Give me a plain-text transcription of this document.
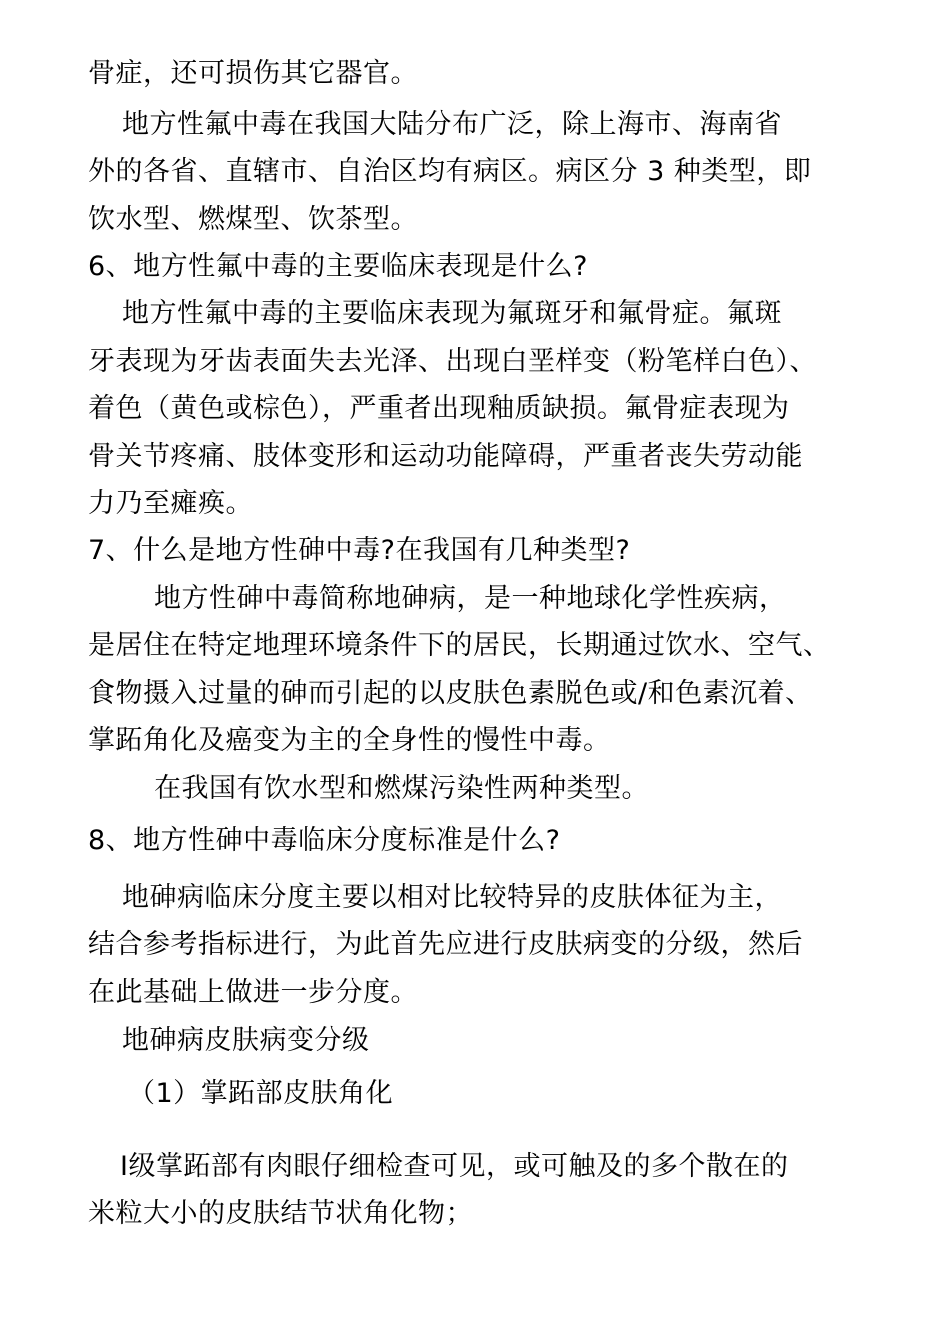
骨症，还可损伤其它器官。
地方性氟中毒在我国大陆分布广泛，除上海市、海南省
外的各省、直辖市、自治区均有病区。病区分 3 种类型，即
饮水型、燃煤型、饮茶型。
6、地方性氟中毒的主要临床表现是什么?
地方性氟中毒的主要临床表现为氟斑牙和氟骨症。氟斑
牙表现为牙齿表面失去光泽、出现白垩样变（粉笔样白色）、
着色（黄色或棕色），严重者出现釉质缺损。氟骨症表现为
骨关节疼痛、肢体变形和运动功能障碍，严重者丧失劳动能
力乃至瘫痪。
7、什么是地方性砷中毒?在我国有几种类型?
地方性砷中毒简称地砷病，是一种地球化学性疾病，
是居住在特定地理环境条件下的居民，长期通过饮水、空气、
食物摄入过量的砷而引起的以皮肤色素脱色或/和色素沉着、
掌跖角化及癌变为主的全身性的慢性中毒。
在我国有饮水型和燃煤污染性两种类型。
8、地方性砷中毒临床分度标准是什么?
地砷病临床分度主要以相对比较特异的皮肤体征为主，
结合参考指标进行，为此首先应进行皮肤病变的分级，然后
在此基础上做进一步分度。
地砷病皮肤病变分级
（1）掌跖部皮肤角化
Ⅰ级掌跖部有肉眼仔细检查可见，或可触及的多个散在的
米粒大小的皮肤结节状角化物；
